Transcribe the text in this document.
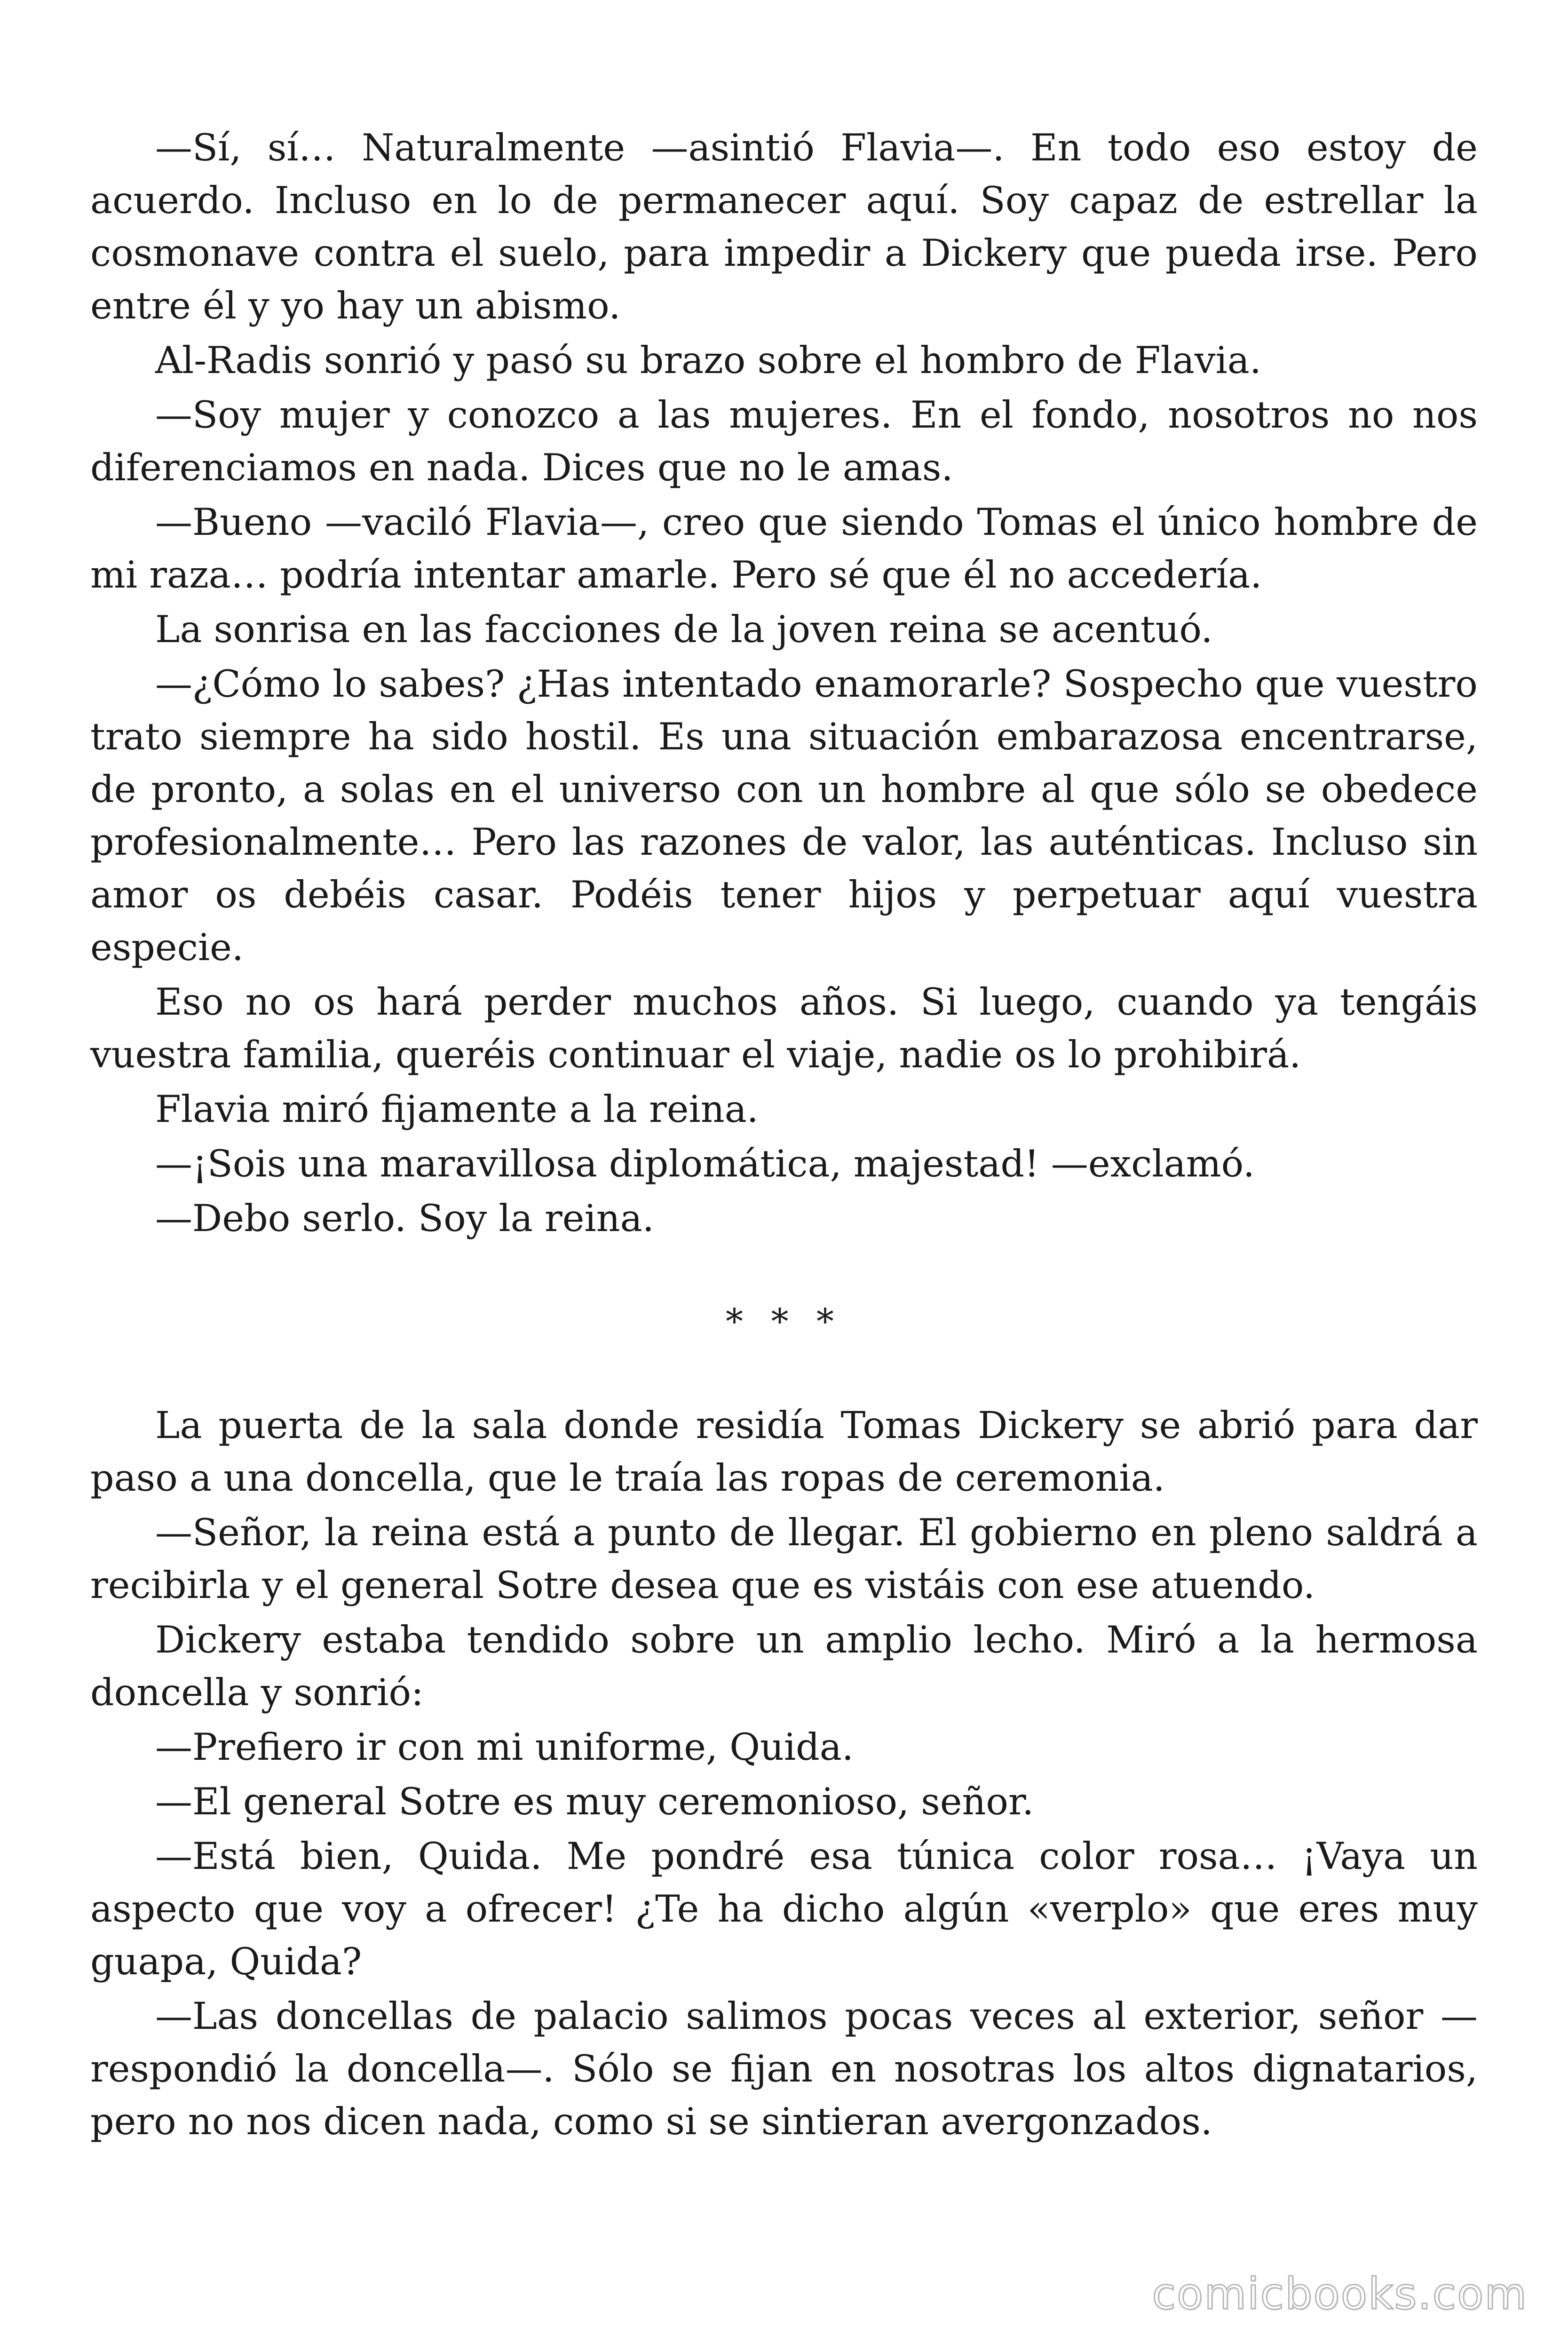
—Sí, sí… Naturalmente —asintió Flavia—. En todo eso estoy de acuerdo. Incluso en lo de permanecer aquí. Soy capaz de estrellar la cosmonave contra el suelo, para impedir a Dickery que pueda irse. Pero entre él y yo hay un abismo.

Al-Radis sonrió y pasó su brazo sobre el hombro de Flavia.

—Soy mujer y conozco a las mujeres. En el fondo, nosotros no nos diferenciamos en nada. Dices que no le amas.

—Bueno —vaciló Flavia—, creo que siendo Tomas el único hombre de mi raza… podría intentar amarle. Pero sé que él no accedería.

La sonrisa en las facciones de la joven reina se acentuó.

—¿Cómo lo sabes? ¿Has intentado enamorarle? Sospecho que vuestro trato siempre ha sido hostil. Es una situación embarazosa encentrarse, de pronto, a solas en el universo con un hombre al que sólo se obedece profesionalmente… Pero las razones de valor, las auténticas. Incluso sin amor os debéis casar. Podéis tener hijos y perpetuar aquí vuestra especie.

Eso no os hará perder muchos años. Si luego, cuando ya tengáis vuestra familia, queréis continuar el viaje, nadie os lo prohibirá.

Flavia miró fijamente a la reina.

—¡Sois una maravillosa diplomática, majestad! —exclamó.

—Debo serlo. Soy la reina.

* * *

La puerta de la sala donde residía Tomas Dickery se abrió para dar paso a una doncella, que le traía las ropas de ceremonia.

—Señor, la reina está a punto de llegar. El gobierno en pleno saldrá a recibirla y el general Sotre desea que es vistáis con ese atuendo.

Dickery estaba tendido sobre un amplio lecho. Miró a la hermosa doncella y sonrió:

—Prefiero ir con mi uniforme, Quida.

—El general Sotre es muy ceremonioso, señor.

—Está bien, Quida. Me pondré esa túnica color rosa… ¡Vaya un aspecto que voy a ofrecer! ¿Te ha dicho algún «verplo» que eres muy guapa, Quida?

—Las doncellas de palacio salimos pocas veces al exterior, señor —respondió la doncella—. Sólo se fijan en nosotras los altos dignatarios, pero no nos dicen nada, como si se sintieran avergonzados.

comicbooks.com
